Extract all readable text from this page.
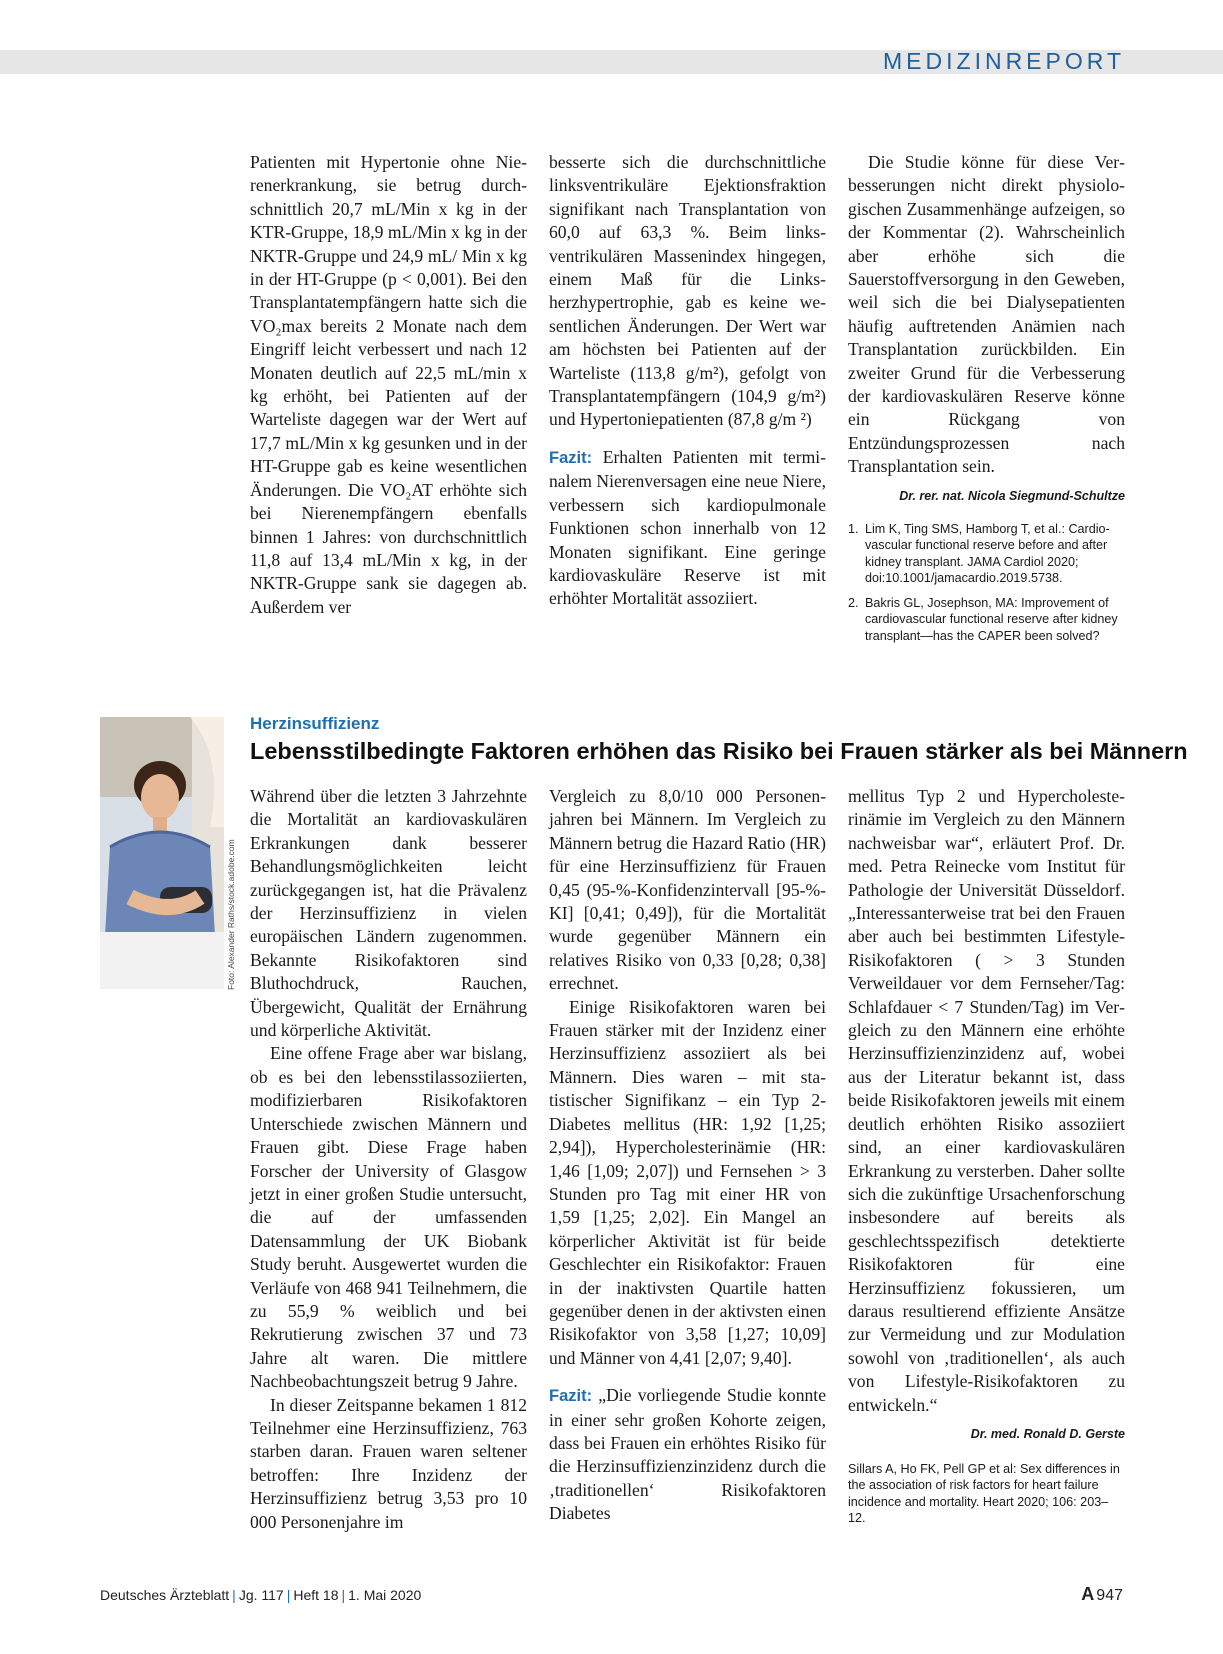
MEDIZINREPORT

Patienten mit Hypertonie ohne Nierenerkrankung, sie betrug durchschnittlich 20,7 mL/Min x kg in der KTR-Gruppe, 18,9 mL/Min x kg in der NKTR-Gruppe und 24,9 mL/ Min x kg in der HT-Gruppe (p < 0,001). Bei den Transplantatempfängern hatte sich die VO₂max bereits 2 Monate nach dem Eingriff leicht verbessert und nach 12 Monaten deutlich auf 22,5 mL/min x kg erhöht, bei Patienten auf der Warteliste dagegen war der Wert auf 17,7 mL/Min x kg gesunken und in der HT-Gruppe gab es keine wesentlichen Änderungen. Die VO₂AT erhöhte sich bei Nierenempfängern ebenfalls binnen 1 Jahres: von durchschnittlich 11,8 auf 13,4 mL/Min x kg, in der NKTR-Gruppe sank sie dagegen ab. Außerdem ver

besserte sich die durchschnittliche linksventrikuläre Ejektionsfraktion signifikant nach Transplantation von 60,0 auf 63,3 %. Beim linksventrikulären Massenindex hingegen, einem Maß für die Linksherzhypertrophie, gab es keine wesentlichen Änderungen. Der Wert war am höchsten bei Patienten auf der Warteliste (113,8 g/m²), gefolgt von Transplantatempfängern (104,9 g/m²) und Hypertoniepatienten (87,8 g/m ²)

Fazit: Erhalten Patienten mit terminalem Nierenversagen eine neue Niere, verbessern sich kardiopulmonale Funktionen schon innerhalb von 12 Monaten signifikant. Eine geringe kardiovaskuläre Reserve ist mit erhöhter Mortalität assoziiert.

Die Studie könne für diese Verbesserungen nicht direkt physiologischen Zusammenhänge aufzeigen, so der Kommentar (2). Wahrscheinlich aber erhöhe sich die Sauerstoffversorgung in den Geweben, weil sich die bei Dialysepatienten häufig auftretenden Anämien nach Transplantation zurückbilden. Ein zweiter Grund für die Verbesserung der kardiovaskulären Reserve könne ein Rückgang von Entzündungsprozessen nach Transplantation sein.

Dr. rer. nat. Nicola Siegmund-Schultze

1. Lim K, Ting SMS, Hamborg T, et al.: Cardiovascular functional reserve before and after kidney transplant. JAMA Cardiol 2020; doi:10.1001/jamacardio.2019.5738.
2. Bakris GL, Josephson, MA: Improvement of cardiovascular functional reserve after kidney transplant—has the CAPER been solved?
Foto: Alexander Raths/stock.adobe.com
Herzinsuffizienz
Lebensstilbedingte Faktoren erhöhen das Risiko bei Frauen stärker als bei Männern

Während über die letzten 3 Jahrzehnte die Mortalität an kardiovaskulären Erkrankungen dank besserer Behandlungsmöglichkeiten leicht zurückgegangen ist, hat die Prävalenz der Herzinsuffizienz in vielen europäischen Ländern zugenommen. Bekannte Risikofaktoren sind Bluthochdruck, Rauchen, Übergewicht, Qualität der Ernährung und körperliche Aktivität.

Eine offene Frage aber war bislang, ob es bei den lebensstilassoziierten, modifizierbaren Risikofaktoren Unterschiede zwischen Männern und Frauen gibt. Diese Frage haben Forscher der University of Glasgow jetzt in einer großen Studie untersucht, die auf der umfassenden Datensammlung der UK Biobank Study beruht. Ausgewertet wurden die Verläufe von 468 941 Teilnehmern, die zu 55,9 % weiblich und bei Rekrutierung zwischen 37 und 73 Jahre alt waren. Die mittlere Nachbeobachtungszeit betrug 9 Jahre.

In dieser Zeitspanne bekamen 1 812 Teilnehmer eine Herzinsuffizienz, 763 starben daran. Frauen waren seltener betroffen: Ihre Inzidenz der Herzinsuffizienz betrug 3,53 pro 10 000 Personenjahre im

Vergleich zu 8,0/10 000 Personenjahren bei Männern. Im Vergleich zu Männern betrug die Hazard Ratio (HR) für eine Herzinsuffizienz für Frauen 0,45 (95-%-Konfidenzintervall [95-%-KI] [0,41; 0,49]), für die Mortalität wurde gegenüber Männern ein relatives Risiko von 0,33 [0,28; 0,38] errechnet.

Einige Risikofaktoren waren bei Frauen stärker mit der Inzidenz einer Herzinsuffizienz assoziiert als bei Männern. Dies waren – mit statistischer Signifikanz – ein Typ 2-Diabetes mellitus (HR: 1,92 [1,25; 2,94]), Hypercholesterinämie (HR: 1,46 [1,09; 2,07]) und Fernsehen > 3 Stunden pro Tag mit einer HR von 1,59 [1,25; 2,02]. Ein Mangel an körperlicher Aktivität ist für beide Geschlechter ein Risikofaktor: Frauen in der inaktivsten Quartile hatten gegenüber denen in der aktivsten einen Risikofaktor von 3,58 [1,27; 10,09] und Männer von 4,41 [2,07; 9,40].

Fazit: „Die vorliegende Studie konnte in einer sehr großen Kohorte zeigen, dass bei Frauen ein erhöhtes Risiko für die Herzinsuffizienzinzidenz durch die ‚traditionellen‘ Risikofaktoren Diabetes

mellitus Typ 2 und Hypercholesterinämie im Vergleich zu den Männern nachweisbar war“, erläutert Prof. Dr. med. Petra Reinecke vom Institut für Pathologie der Universität Düsseldorf. „Interessanterweise trat bei den Frauen aber auch bei bestimmten Lifestyle-Risikofaktoren ( > 3 Stunden Verweildauer vor dem Fernseher/Tag: Schlafdauer < 7 Stunden/Tag) im Vergleich zu den Männern eine erhöhte Herzinsuffizienzinzidenz auf, wobei aus der Literatur bekannt ist, dass beide Risikofaktoren jeweils mit einem deutlich erhöhten Risiko assoziiert sind, an einer kardiovaskulären Erkrankung zu versterben. Daher sollte sich die zukünftige Ursachenforschung insbesondere auf bereits als geschlechtsspezifisch detektierte Risikofaktoren für eine Herzinsuffizienz fokussieren, um daraus resultierend effiziente Ansätze zur Vermeidung und zur Modulation sowohl von ‚traditionellen‘, als auch von Lifestyle-Risikofaktoren zu entwickeln.“

Dr. med. Ronald D. Gerste

Sillars A, Ho FK, Pell GP et al: Sex differences in the association of risk factors for heart failure incidence and mortality. Heart 2020; 106: 203–12.

Deutsches Ärzteblatt | Jg. 117 | Heft 18 | 1. Mai 2020	A 947
